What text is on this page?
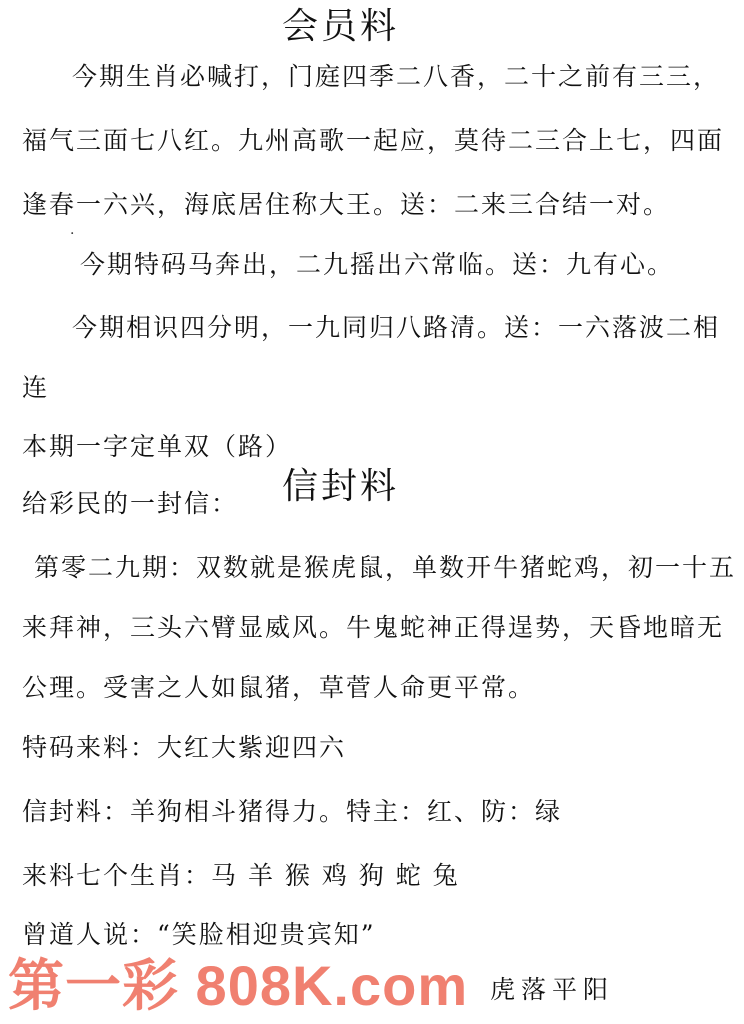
会员料
今期生肖必喊打，门庭四季二八香，二十之前有三三，
福气三面七八红。九州高歌一起应，莫待二三合上七，四面
逢春一六兴，海底居住称大王。送：二来三合结一对。
·
今期特码马奔出，二九摇出六常临。送：九有心。
今期相识四分明，一九同归八路清。送：一六落波二相
连
本期一字定单双（路）
给彩民的一封信： 信封料
第零二九期：双数就是猴虎鼠，单数开牛猪蛇鸡，初一十五
来拜神，三头六臂显威风。牛鬼蛇神正得逞势，天昏地暗无
公理。受害之人如鼠猪，草菅人命更平常。
特码来料：大红大紫迎四六
信封料：羊狗相斗猪得力。特主：红、防：绿
来料七个生肖：马 羊 猴 鸡 狗 蛇 兔
曾道人说：“笑脸相迎贵宾知”
虎落平阳
第一彩 808K.com
